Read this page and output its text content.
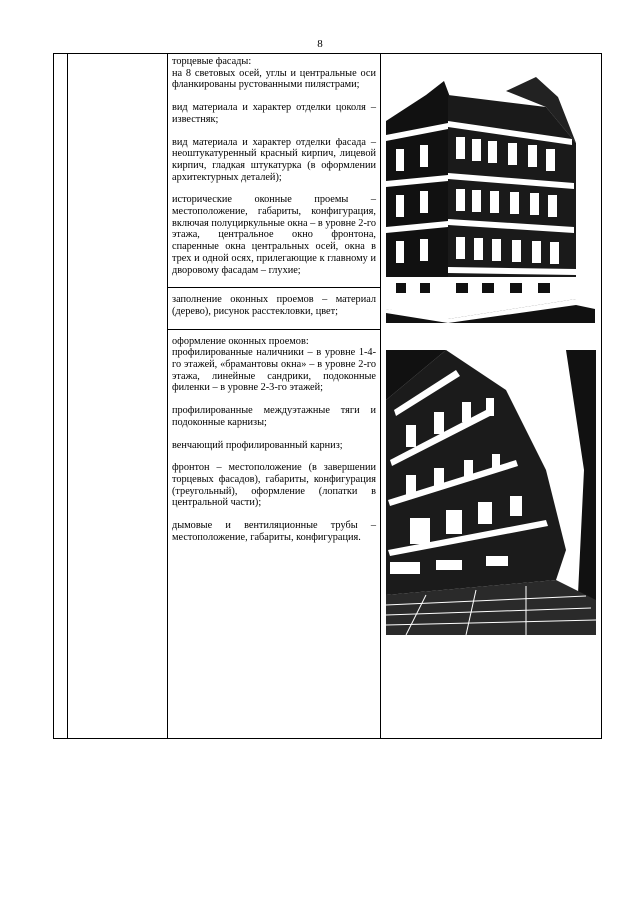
8

торцевые фасады:
на 8 световых осей, углы и центральные оси фланкированы рустованными пилястрами;

вид материала и характер отделки цоколя – известняк;

вид материала и характер отделки фасада – неоштукатуренный красный кирпич, лицевой кирпич, гладкая штукатурка (в оформлении архитектурных деталей);

исторические оконные проемы – местоположение, габариты, конфигурация, включая полуциркульные окна – в уровне 2-го этажа, центральное окно фронтона, спаренные окна центральных осей, окна в трех и одной осях, прилегающие к главному и дворовому фасадам – глухие;

заполнение оконных проемов – материал (дерево), рисунок расстекловки, цвет;

оформление оконных проемов:
профилированные наличники – в уровне 1-4-го этажей, «брамантовы окна» – в уровне 2-го этажа, линейные сандрики, подоконные филенки – в уровне 2-3-го этажей;

профилированные междуэтажные тяги и подоконные карнизы;

венчающий профилированный карниз;

фронтон – местоположение (в завершении торцевых фасадов), габариты, конфигурация (треугольный), оформление (лопатки в центральной части);

дымовые и вентиляционные трубы – местоположение, габариты, конфигурация.
